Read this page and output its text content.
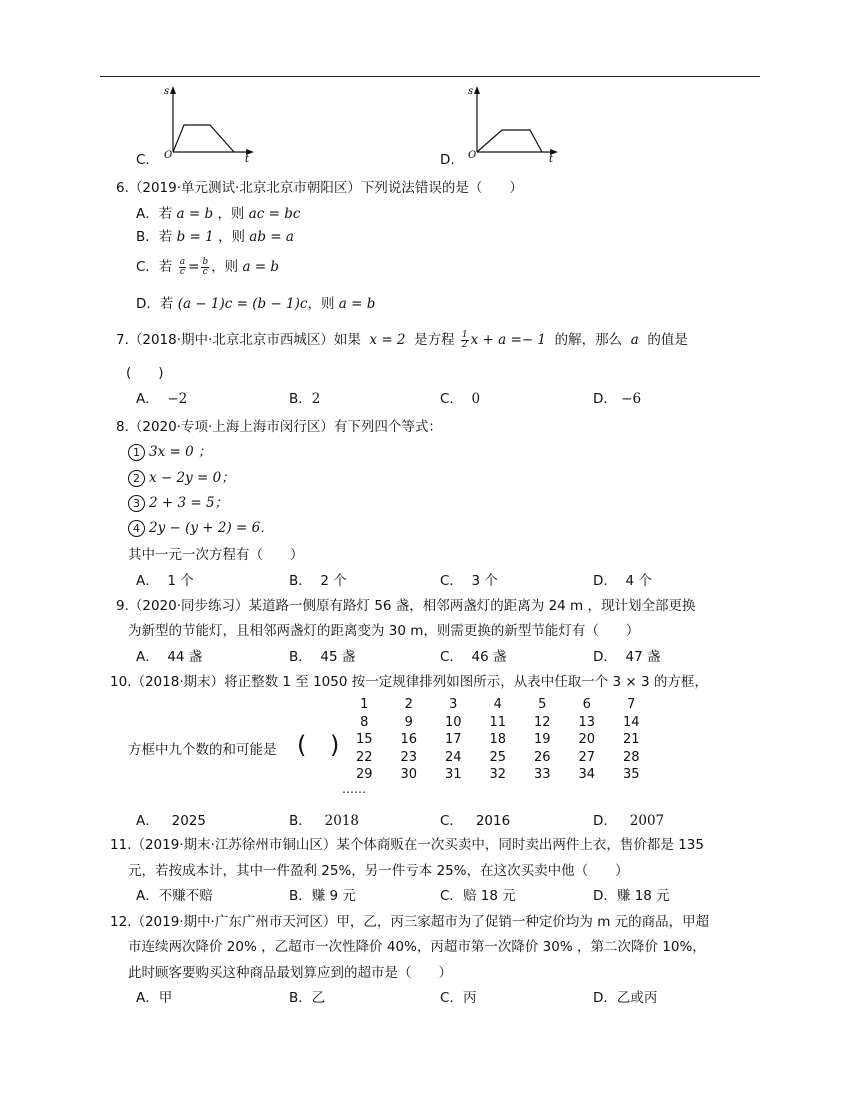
C.
s
O	t	D.
s
O	t
6.（2019·单元测试·北京北京市朝阳区）下列说法错误的是（　　）
A．若 a = b ，则 ac = bc
B．若 b = 1 ，则 ab = a
C．若 $\frac{a}{c} = \frac{b}{c}$ ，则 a = b
D．若 (a − 1)c = (b − 1)c，则 a = b
7.（2018·期中·北京北京市西城区）如果 x = 2 是方程 $\frac{1}{2}$ x + a =− 1 的解，那么 a 的值是
(　　)
A． −2	B．2	C． 0	D． −6
8.（2020·专项·上海上海市闵行区）有下列四个等式：
1 3x = 0 ；
2 x − 2y = 0；
3 2 + 3 = 5；
4 2y − (y + 2) = 6．
其中一元一次方程有（　　）
A． 1 个	B． 2 个	C． 3 个	D． 4 个
9.（2020·同步练习）某道路一侧原有路灯 56 盏，相邻两盏灯的距离为 24 m ，现计划全部更换
为新型的节能灯，且相邻两盏灯的距离变为 30 m，则需更换的新型节能灯有（　　）
A． 44 盏	B． 45 盏	C． 46 盏	D． 47 盏
10.（2018·期末）将正整数 1 至 1050 按一定规律排列如图所示，从表中任取一个 3 × 3 的方框，
方框中九个数的和可能是 ( )
1	2	3	4	5	6	7
8	9	10	11	12	13	14
15	16	17	18	19	20	21
22	23	24	25	26	27	28
29	30	31	32	33	34	35
……
A． 2025	B． 2018	C． 2016	D． 2007
11.（2019·期末·江苏徐州市铜山区）某个体商贩在一次买卖中，同时卖出两件上衣，售价都是 135
元，若按成本计，其中一件盈利 25%，另一件亏本 25%，在这次买卖中他（　　）
A．不赚不赔	B．赚 9 元	C．赔 18 元	D．赚 18 元
12.（2019·期中·广东广州市天河区）甲，乙，丙三家超市为了促销一种定价均为 m 元的商品，甲超
市连续两次降价 20% ，乙超市一次性降价 40%，丙超市第一次降价 30% ，第二次降价 10%，
此时顾客要购买这种商品最划算应到的超市是（　　）
A．甲	B．乙	C．丙	D．乙或丙
